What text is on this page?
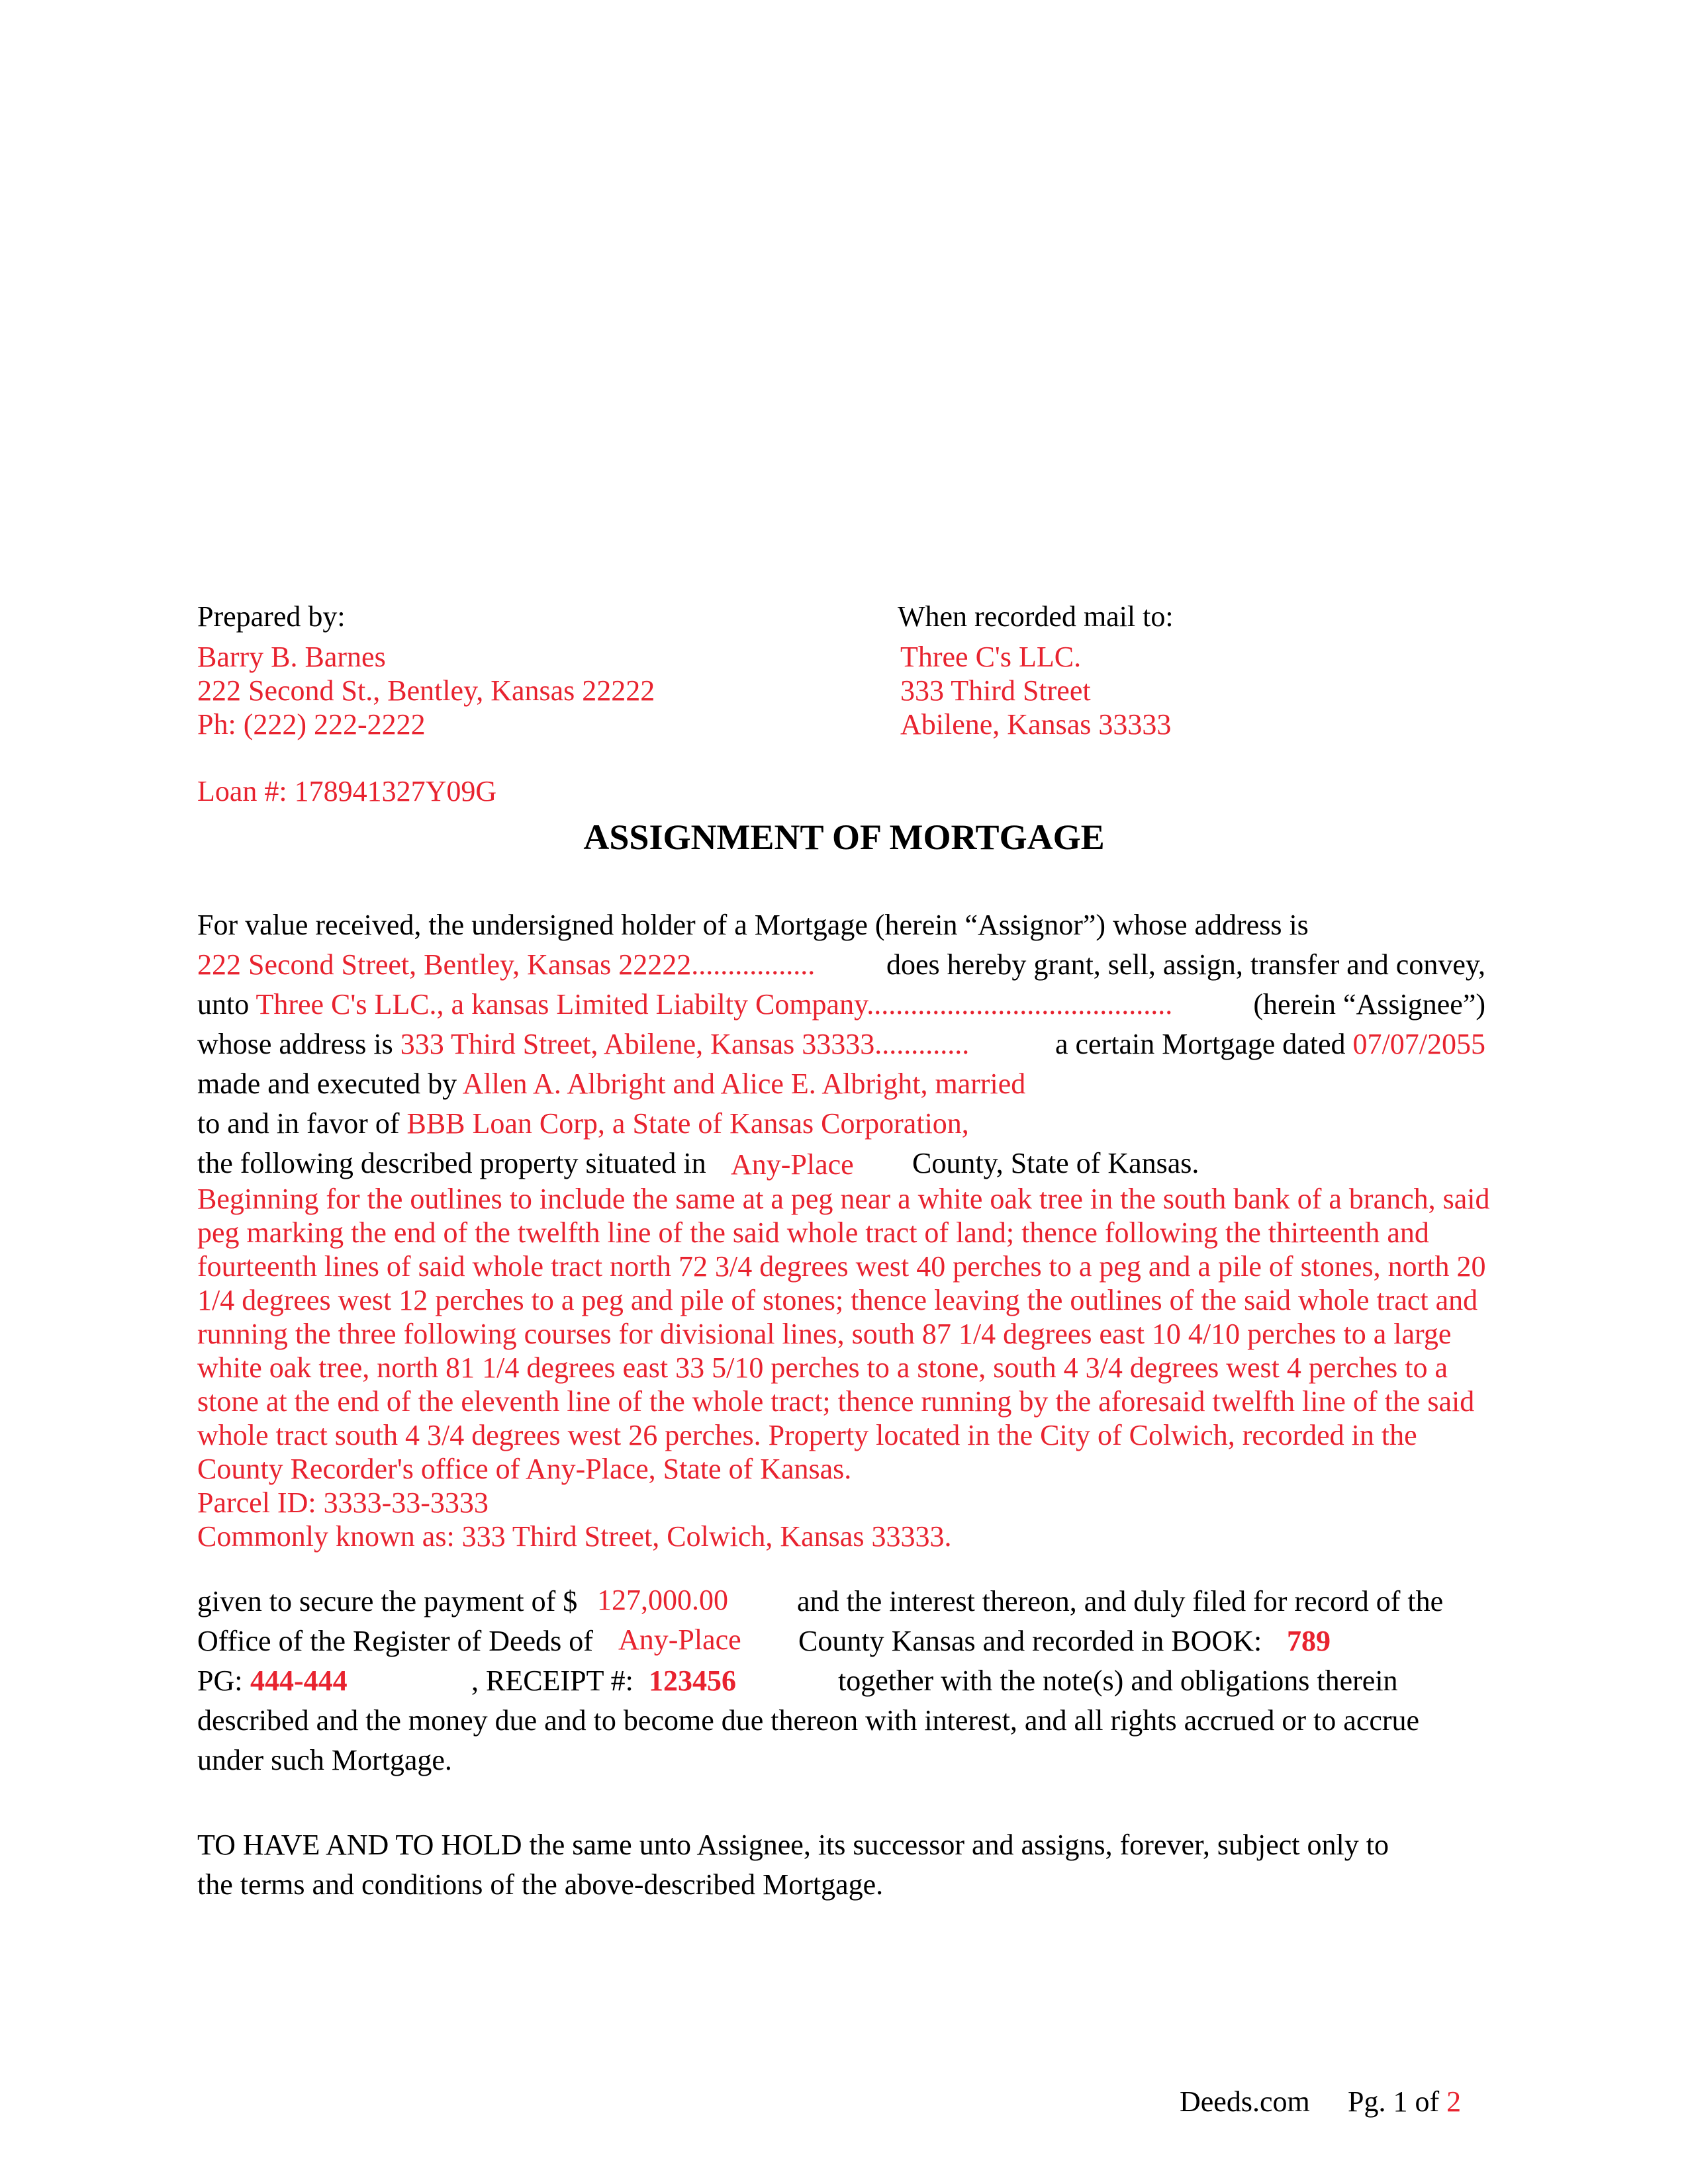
Prepared by:
Barry B. Barnes
222 Second St., Bentley, Kansas 22222
Ph: (222) 222-2222
When recorded mail to:
Three C's LLC.
333 Third Street
Abilene, Kansas 33333
Loan #: 178941327Y09G
ASSIGNMENT OF MORTGAGE
For value received, the undersigned holder of a Mortgage (herein “Assignor”) whose address is
222 Second Street, Bentley, Kansas 22222................. does hereby grant, sell, assign, transfer and convey,
unto Three C's LLC., a kansas Limited Liabilty Company..........................................	(herein “Assignee”)
whose address is 333 Third Street, Abilene, Kansas 33333.............	a certain Mortgage dated 07/07/2055
made and executed by Allen A. Albright and Alice E. Albright, married
to and in favor of BBB Loan Corp, a State of Kansas Corporation,
the following described property situated in Any-Place County, State of Kansas.

Beginning for the outlines to include the same at a peg near a white oak tree in the south bank of a branch, said peg marking the end of the twelfth line of the said whole tract of land; thence following the thirteenth and fourteenth lines of said whole tract north 72 3/4 degrees west 40 perches to a peg and a pile of stones, north 20 1/4 degrees west 12 perches to a peg and pile of stones; thence leaving the outlines of the said whole tract and running the three following courses for divisional lines, south 87 1/4 degrees east 10 4/10 perches to a large white oak tree, north 81 1/4 degrees east 33 5/10 perches to a stone, south 4 3/4 degrees west 4 perches to a stone at the end of the eleventh line of the whole tract; thence running by the aforesaid twelfth line of the said whole tract south 4 3/4 degrees west 26 perches. Property located in the City of Colwich, recorded in the County Recorder's office of Any-Place, State of Kansas.

Parcel ID: 3333-33-3333

Commonly known as: 333 Third Street, Colwich, Kansas 33333.

given to secure the payment of $ 127,000.00 and the interest thereon, and duly filed for record of the
Office of the Register of Deeds of Any-Place County Kansas and recorded in BOOK: 789
PG: 444-444	, RECEIPT #: 123456	together with the note(s) and obligations therein
described and the money due and to become due thereon with interest, and all rights accrued or to accrue
under such Mortgage.
TO HAVE AND TO HOLD the same unto Assignee, its successor and assigns, forever, subject only to
the terms and conditions of the above-described Mortgage.
Deeds.com Pg. 1 of 2
